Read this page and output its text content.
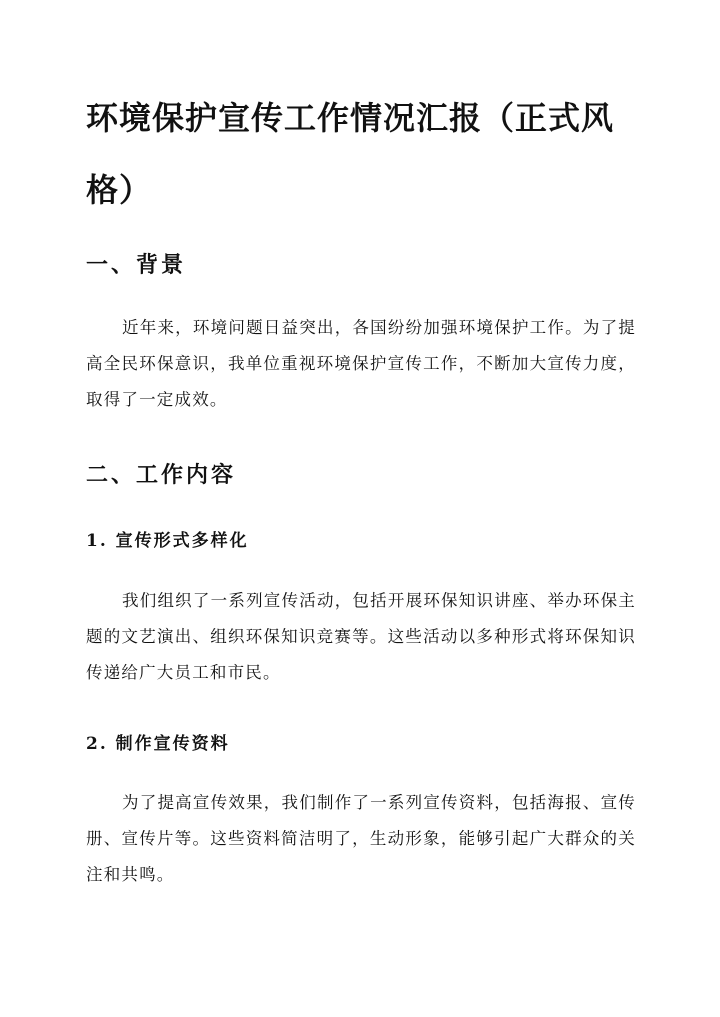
环境保护宣传工作情况汇报（正式风格）
一、背景

近年来，环境问题日益突出，各国纷纷加强环境保护工作。为了提高全民环保意识，我单位重视环境保护宣传工作，不断加大宣传力度，取得了一定成效。

二、工作内容
1. 宣传形式多样化

我们组织了一系列宣传活动，包括开展环保知识讲座、举办环保主题的文艺演出、组织环保知识竞赛等。这些活动以多种形式将环保知识传递给广大员工和市民。

2. 制作宣传资料

为了提高宣传效果，我们制作了一系列宣传资料，包括海报、宣传册、宣传片等。这些资料简洁明了，生动形象，能够引起广大群众的关注和共鸣。
